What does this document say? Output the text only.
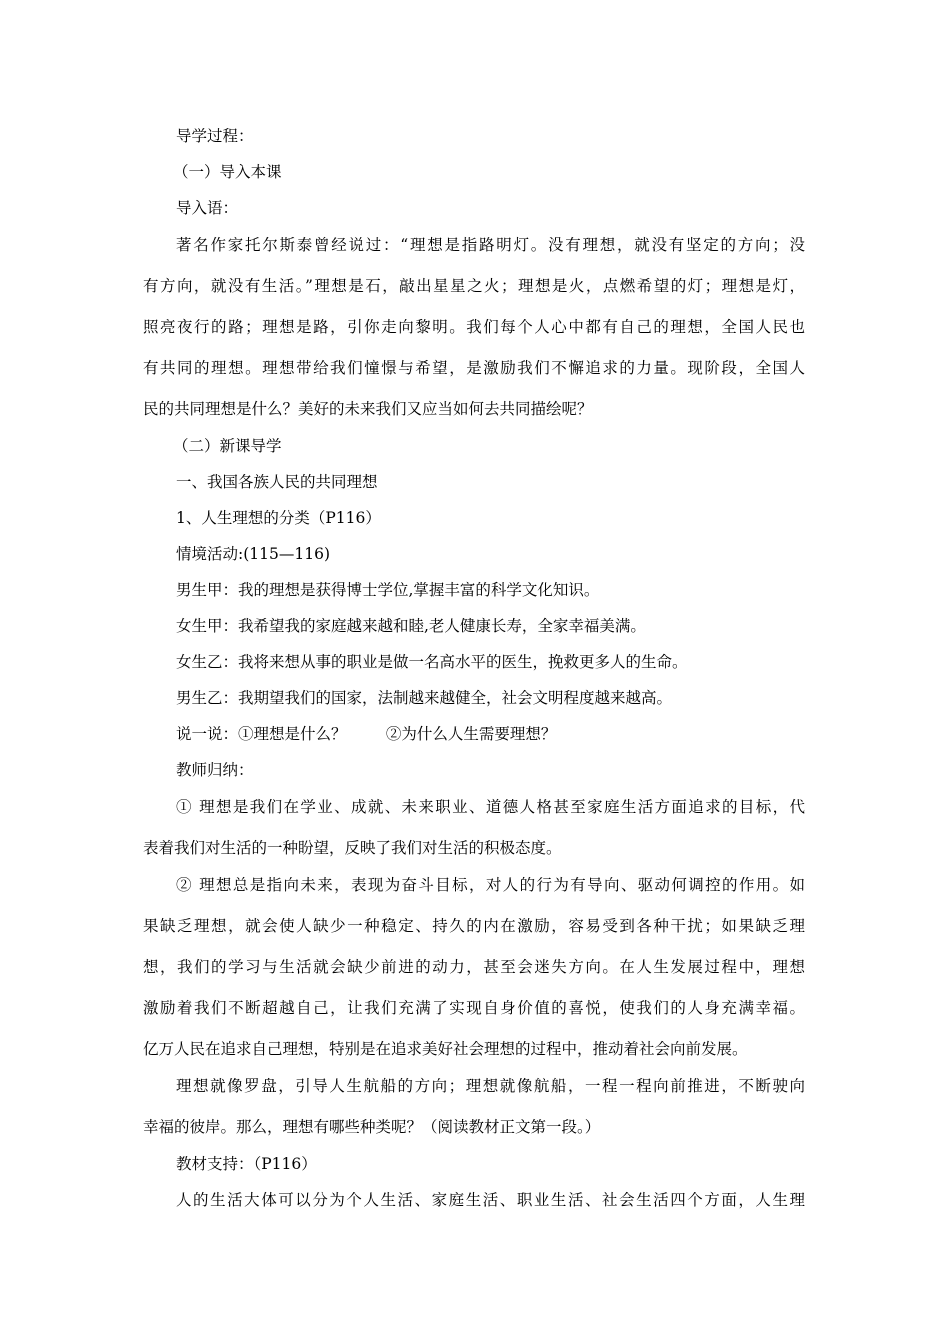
导学过程：
（一）导入本课
导入语：
著名作家托尔斯泰曾经说过：“理想是指路明灯。没有理想，就没有坚定的方向；没
有方向，就没有生活。”理想是石，敲出星星之火；理想是火，点燃希望的灯；理想是灯，
照亮夜行的路；理想是路，引你走向黎明。我们每个人心中都有自己的理想，全国人民也
有共同的理想。理想带给我们憧憬与希望，是激励我们不懈追求的力量。现阶段，全国人
民的共同理想是什么？美好的未来我们又应当如何去共同描绘呢？
（二）新课导学
一、我国各族人民的共同理想
1、人生理想的分类（P116）
情境活动:(115—116)
男生甲：我的理想是获得博士学位,掌握丰富的科学文化知识。
女生甲：我希望我的家庭越来越和睦,老人健康长寿，全家幸福美满。
女生乙：我将来想从事的职业是做一名高水平的医生，挽救更多人的生命。
男生乙：我期望我们的国家，法制越来越健全，社会文明程度越来越高。
说一说：①理想是什么？        ②为什么人生需要理想？
教师归纳：
① 理想是我们在学业、成就、未来职业、道德人格甚至家庭生活方面追求的目标，代
表着我们对生活的一种盼望，反映了我们对生活的积极态度。
② 理想总是指向未来，表现为奋斗目标，对人的行为有导向、驱动何调控的作用。如
果缺乏理想，就会使人缺少一种稳定、持久的内在激励，容易受到各种干扰；如果缺乏理
想，我们的学习与生活就会缺少前进的动力，甚至会迷失方向。在人生发展过程中，理想
激励着我们不断超越自己，让我们充满了实现自身价值的喜悦，使我们的人身充满幸福。
亿万人民在追求自己理想，特别是在追求美好社会理想的过程中，推动着社会向前发展。
理想就像罗盘，引导人生航船的方向；理想就像航船，一程一程向前推进，不断驶向
幸福的彼岸。那么，理想有哪些种类呢？（阅读教材正文第一段。）
教材支持：（P116）
人的生活大体可以分为个人生活、家庭生活、职业生活、社会生活四个方面，人生理
